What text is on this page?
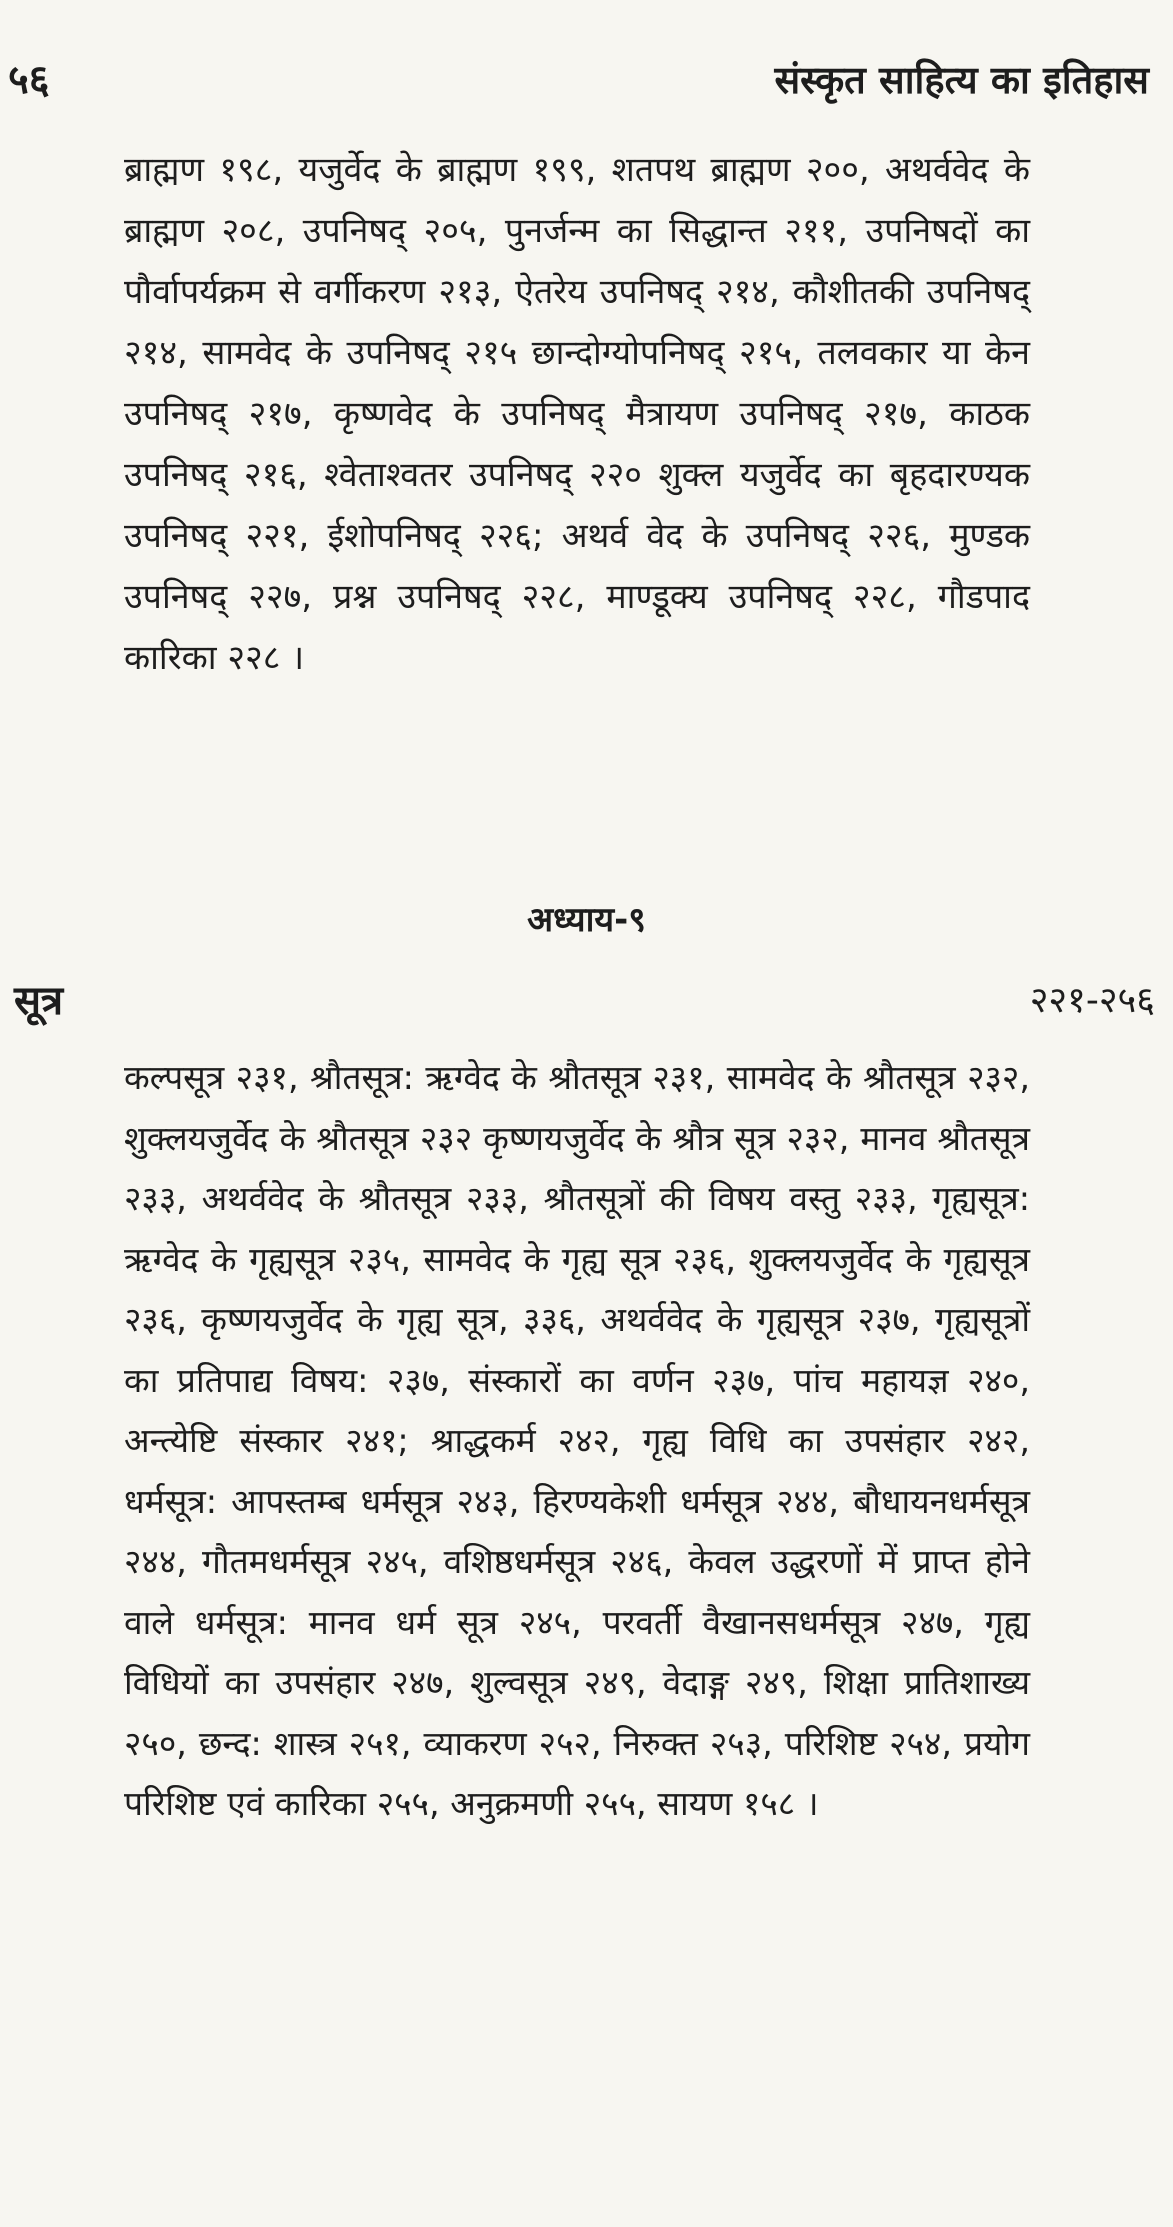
५६	संस्कृत साहित्य का इतिहास

ब्राह्मण १९८, यजुर्वेद के ब्राह्मण १९९, शतपथ ब्राह्मण २००, अथर्ववेद के ब्राह्मण २०८, उपनिषद् २०५, पुनर्जन्म का सिद्धान्त २११, उपनिषदों का पौर्वापर्यक्रम से वर्गीकरण २१३, ऐतरेय उपनिषद् २१४, कौशीतकी उपनिषद् २१४, सामवेद के उपनिषद् २१५ छान्दोग्योपनिषद् २१५, तलवकार या केन उपनिषद् २१७, कृष्णवेद के उपनिषद् मैत्रायण उपनिषद् २१७, काठक उपनिषद् २१६, श्वेताश्वतर उपनिषद् २२० शुक्ल यजुर्वेद का बृहदारण्यक उपनिषद् २२१, ईशोपनिषद् २२६; अथर्व वेद के उपनिषद् २२६, मुण्डक उपनिषद् २२७, प्रश्न उपनिषद् २२८, माण्डूक्य उपनिषद् २२८, गौडपाद कारिका २२८ ।

अध्याय-९
सूत्र	२२१-२५६

कल्पसूत्र २३१, श्रौतसूत्र: ऋग्वेद के श्रौतसूत्र २३१, सामवेद के श्रौतसूत्र २३२, शुक्लयजुर्वेद के श्रौतसूत्र २३२ कृष्णयजुर्वेद के श्रौत्र सूत्र २३२, मानव श्रौतसूत्र २३३, अथर्ववेद के श्रौतसूत्र २३३, श्रौतसूत्रों की विषय वस्तु २३३, गृह्यसूत्र: ऋग्वेद के गृह्यसूत्र २३५, सामवेद के गृह्य सूत्र २३६, शुक्लयजुर्वेद के गृह्यसूत्र २३६, कृष्णयजुर्वेद के गृह्य सूत्र, ३३६, अथर्ववेद के गृह्यसूत्र २३७, गृह्यसूत्रों का प्रतिपाद्य विषय: २३७, संस्कारों का वर्णन २३७, पांच महायज्ञ २४०, अन्त्येष्टि संस्कार २४१; श्राद्धकर्म २४२, गृह्य विधि का उपसंहार २४२, धर्मसूत्र: आपस्तम्ब धर्मसूत्र २४३, हिरण्यकेशी धर्मसूत्र २४४, बौधायनधर्मसूत्र २४४, गौतमधर्मसूत्र २४५, वशिष्ठधर्मसूत्र २४६, केवल उद्धरणों में प्राप्त होने वाले धर्मसूत्र: मानव धर्म सूत्र २४५, परवर्ती वैखानसधर्मसूत्र २४७, गृह्य विधियों का उपसंहार २४७, शुल्वसूत्र २४९, वेदाङ्ग २४९, शिक्षा प्रातिशाख्य २५०, छन्द: शास्त्र २५१, व्याकरण २५२, निरुक्त २५३, परिशिष्ट २५४, प्रयोग परिशिष्ट एवं कारिका २५५, अनुक्रमणी २५५, सायण १५८ ।
